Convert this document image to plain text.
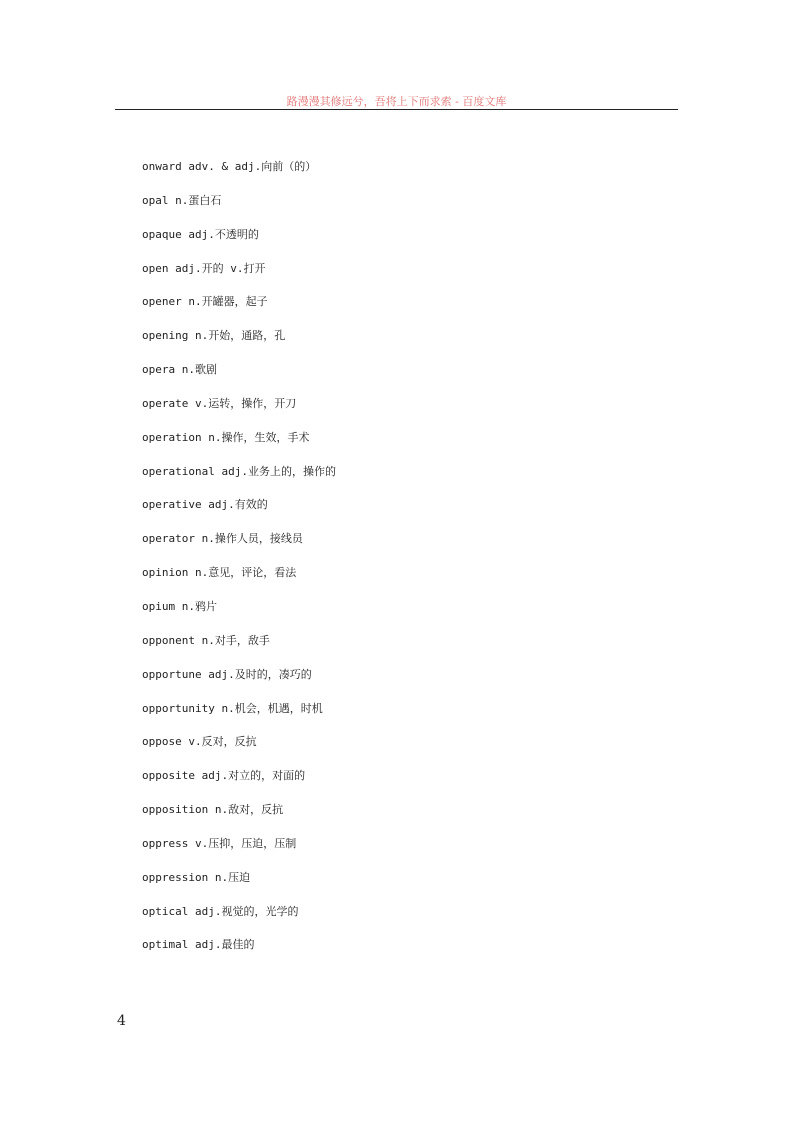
路漫漫其修远兮，吾将上下而求索 - 百度文库
onward adv. & adj.向前（的）
opal n.蛋白石
opaque adj.不透明的
open adj.开的 v.打开
opener n.开罐器，起子
opening n.开始，通路，孔
opera n.歌剧
operate v.运转，操作，开刀
operation n.操作，生效，手术
operational adj.业务上的，操作的
operative adj.有效的
operator n.操作人员，接线员
opinion n.意见，评论，看法
opium n.鸦片
opponent n.对手，敌手
opportune adj.及时的，凑巧的
opportunity n.机会，机遇，时机
oppose v.反对，反抗
opposite adj.对立的，对面的
opposition n.敌对，反抗
oppress v.压抑，压迫，压制
oppression n.压迫
optical adj.视觉的，光学的
optimal adj.最佳的
4
